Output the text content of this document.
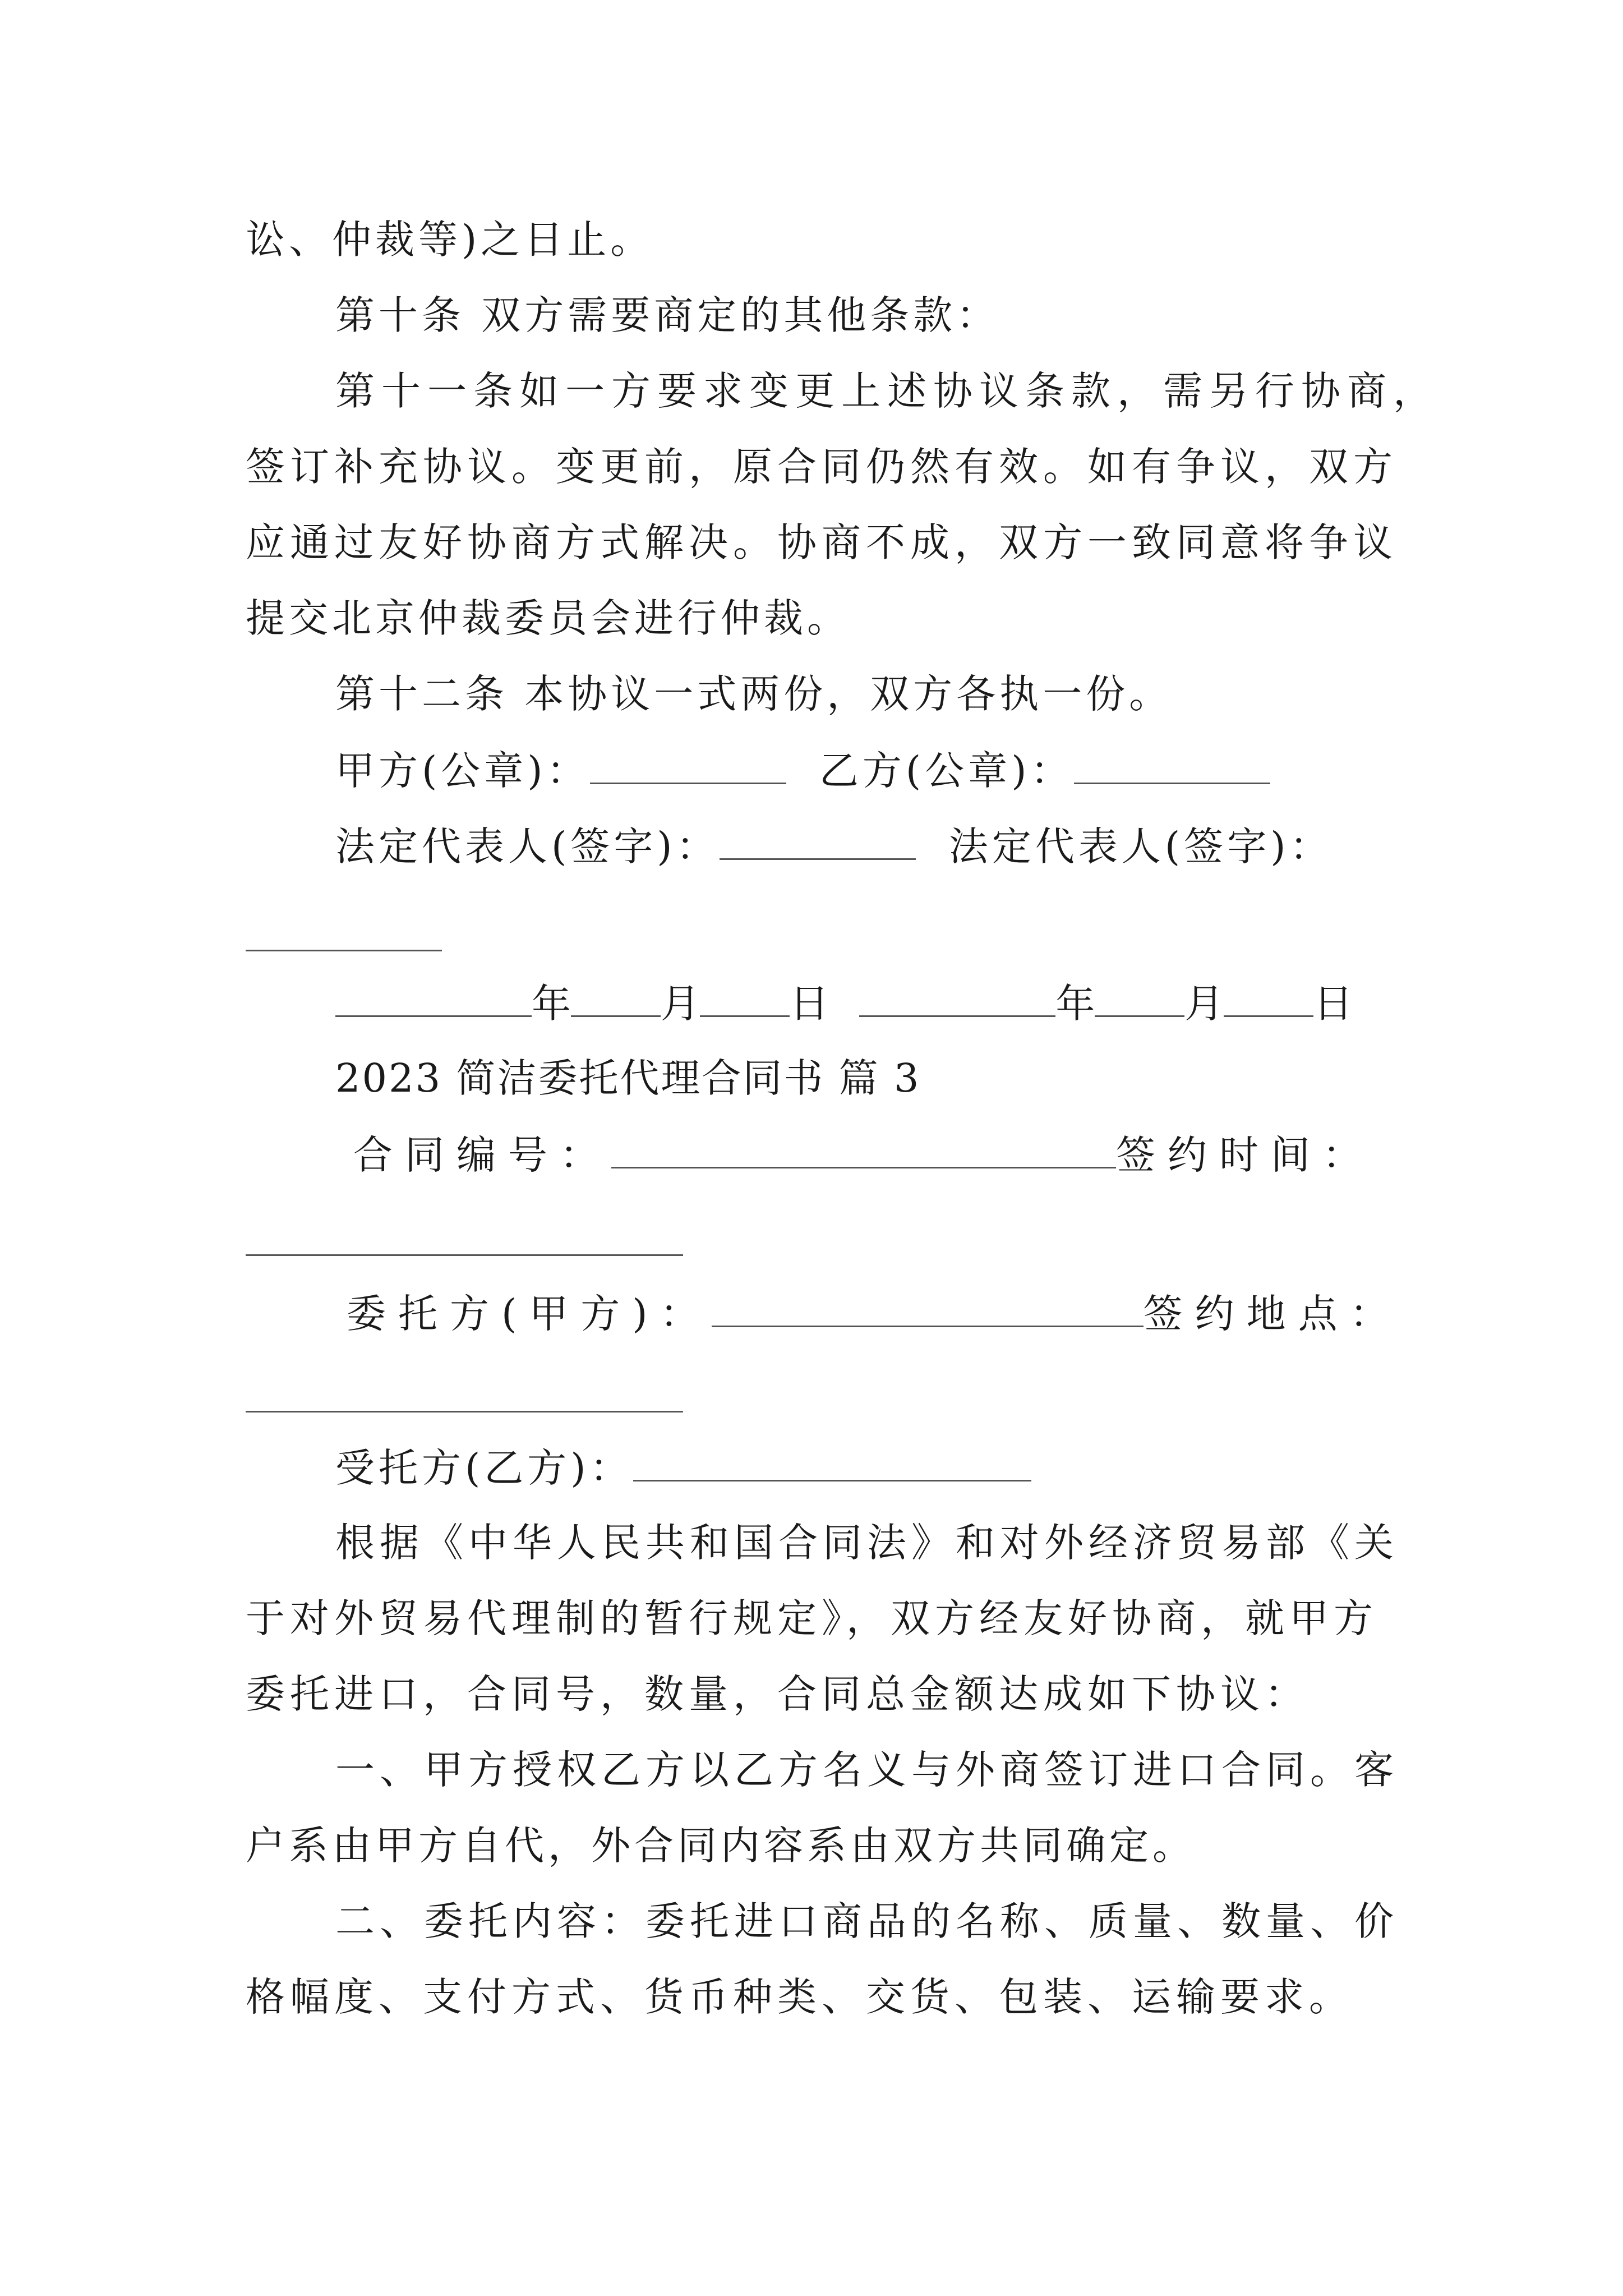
讼、仲裁等)之日止。
第十条 双方需要商定的其他条款：
第十一条如一方要求变更上述协议条款，需另行协商，
签订补充协议。变更前，原合同仍然有效。如有争议，双方
应通过友好协商方式解决。协商不成，双方一致同意将争议
提交北京仲裁委员会进行仲裁。
第十二条 本协议一式两份，双方各执一份。
甲方(公章)：	乙方(公章)：
法定代表人(签字)：	法定代表人(签字)：
年 月 日	年 月 日
2023 简洁委托代理合同书 篇 3
合同编号：	签约时间：
委托方(甲方)：	签约地点：
受托方(乙方)：
根据《中华人民共和国合同法》和对外经济贸易部《关
于对外贸易代理制的暂行规定》，双方经友好协商，就甲方
委托进口，合同号，数量，合同总金额达成如下协议：
一、甲方授权乙方以乙方名义与外商签订进口合同。客
户系由甲方自代，外合同内容系由双方共同确定。
二、委托内容：委托进口商品的名称、质量、数量、价
格幅度、支付方式、货币种类、交货、包装、运输要求。
